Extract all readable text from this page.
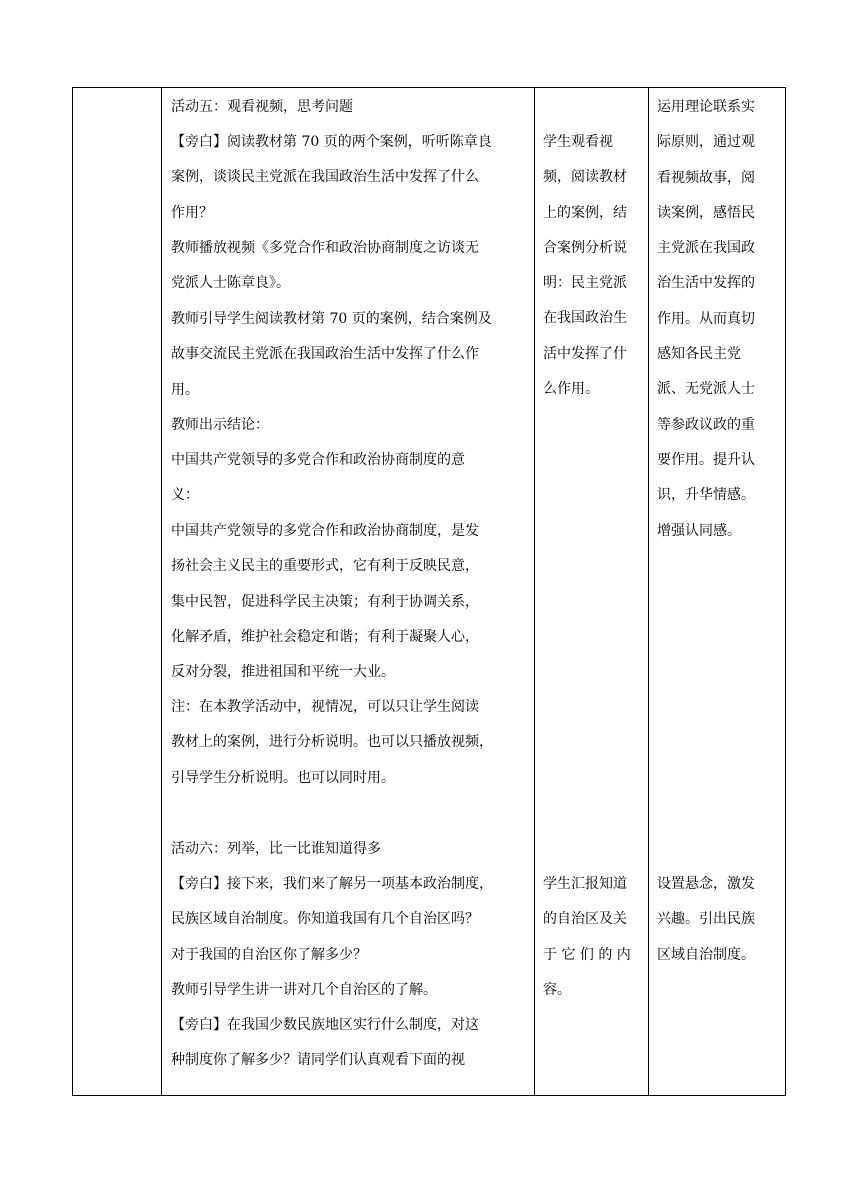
活动五：观看视频，思考问题

【旁白】阅读教材第 70 页的两个案例，听听陈章良
案例，谈谈民主党派在我国政治生活中发挥了什么
作用？

教师播放视频《多党合作和政治协商制度之访谈无
党派人士陈章良》。

教师引导学生阅读教材第 70 页的案例，结合案例及
故事交流民主党派在我国政治生活中发挥了什么作
用。

教师出示结论：

中国共产党领导的多党合作和政治协商制度的意
义：

中国共产党领导的多党合作和政治协商制度，是发
扬社会主义民主的重要形式，它有利于反映民意，
集中民智，促进科学民主决策；有利于协调关系，
化解矛盾，维护社会稳定和谐；有利于凝聚人心，
反对分裂，推进祖国和平统一大业。

注：在本教学活动中，视情况，可以只让学生阅读
教材上的案例，进行分析说明。也可以只播放视频，
引导学生分析说明。也可以同时用。

活动六：列举，比一比谁知道得多

【旁白】接下来，我们来了解另一项基本政治制度，
民族区域自治制度。你知道我国有几个自治区吗？
对于我国的自治区你了解多少？

教师引导学生讲一讲对几个自治区的了解。

【旁白】在我国少数民族地区实行什么制度，对这
种制度你了解多少？请同学们认真观看下面的视

学生观看视
频，阅读教材
上的案例，结
合案例分析说
明：民主党派
在我国政治生
活中发挥了什
么作用。

学生汇报知道
的自治区及关
于 它 们 的 内
容。

运用理论联系实
际原则，通过观
看视频故事，阅
读案例，感悟民
主党派在我国政
治生活中发挥的
作用。从而真切
感知各民主党
派、无党派人士
等参政议政的重
要作用。提升认
识，升华情感。
增强认同感。

设置悬念，激发
兴趣。引出民族
区域自治制度。
